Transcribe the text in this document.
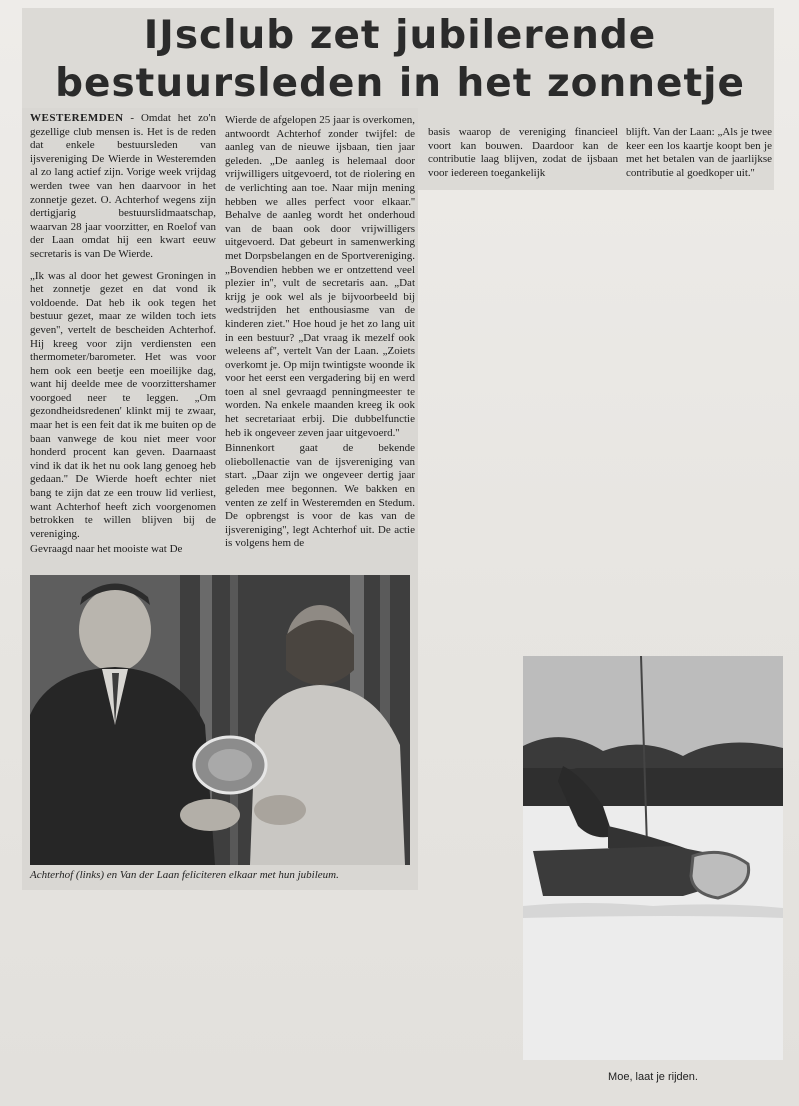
IJsclub zet jubilerende
bestuursleden in het zonnetje

WESTEREMDEN - Omdat het zo'n gezellige club mensen is. Het is de reden dat enkele bestuursleden van ijsvereniging De Wierde in Westeremden al zo lang actief zijn. Vorige week vrijdag werden twee van hen daarvoor in het zonnetje gezet. O. Achterhof wegens zijn dertigjarig bestuurslidmaatschap, waarvan 28 jaar voorzitter, en Roelof van der Laan omdat hij een kwart eeuw secretaris is van De Wierde.

„Ik was al door het gewest Groningen in het zonnetje gezet en dat vond ik voldoende. Dat heb ik ook tegen het bestuur gezet, maar ze wilden toch iets geven'', vertelt de bescheiden Achterhof. Hij kreeg voor zijn verdiensten een thermometer/barometer. Het was voor hem ook een beetje een moeilijke dag, want hij deelde mee de voorzittershamer voorgoed neer te leggen. „Om gezondheidsredenen' klinkt mij te zwaar, maar het is een feit dat ik me buiten op de baan vanwege de kou niet meer voor honderd procent kan geven. Daarnaast vind ik dat ik het nu ook lang genoeg heb gedaan.'' De Wierde hoeft echter niet bang te zijn dat ze een trouw lid verliest, want Achterhof heeft zich voorgenomen betrokken te willen blijven bij de vereniging.

Gevraagd naar het mooiste wat De

Wierde de afgelopen 25 jaar is overkomen, antwoordt Achterhof zonder twijfel: de aanleg van de nieuwe ijsbaan, tien jaar geleden. „De aanleg is helemaal door vrijwilligers uitgevoerd, tot de riolering en de verlichting aan toe. Naar mijn mening hebben we alles perfect voor elkaar.'' Behalve de aanleg wordt het onderhoud van de baan ook door vrijwilligers uitgevoerd. Dat gebeurt in samenwerking met Dorpsbelangen en de Sportvereniging. „Bovendien hebben we er ontzettend veel plezier in'', vult de secretaris aan. „Dat krijg je ook wel als je bijvoorbeeld bij wedstrijden het enthousiasme van de kinderen ziet.'' Hoe houd je het zo lang uit in een bestuur? „Dat vraag ik mezelf ook weleens af'', vertelt Van der Laan. „Zoiets overkomt je. Op mijn twintigste woonde ik voor het eerst een vergadering bij en werd toen al snel gevraagd penningmeester te worden. Na enkele maanden kreeg ik ook het secretariaat erbij. Die dubbelfunctie heb ik ongeveer zeven jaar uitgevoerd.''

Binnenkort gaat de bekende oliebollenactie van de ijsvereniging van start. „Daar zijn we ongeveer dertig jaar geleden mee begonnen. We bakken en venten ze zelf in Westeremden en Stedum. De opbrengst is voor de kas van de ijsvereniging'', legt Achterhof uit. De actie is volgens hem de

basis waarop de vereniging financieel voort kan bouwen. Daardoor kan de contributie laag blijven, zodat de ijsbaan voor iedereen toegankelijk

blijft. Van der Laan: „Als je twee keer een los kaartje koopt ben je met het betalen van de jaarlijkse contributie al goedkoper uit.''

Achterhof (links) en Van der Laan feliciteren elkaar met hun jubileum.
Moe, laat je rijden.
